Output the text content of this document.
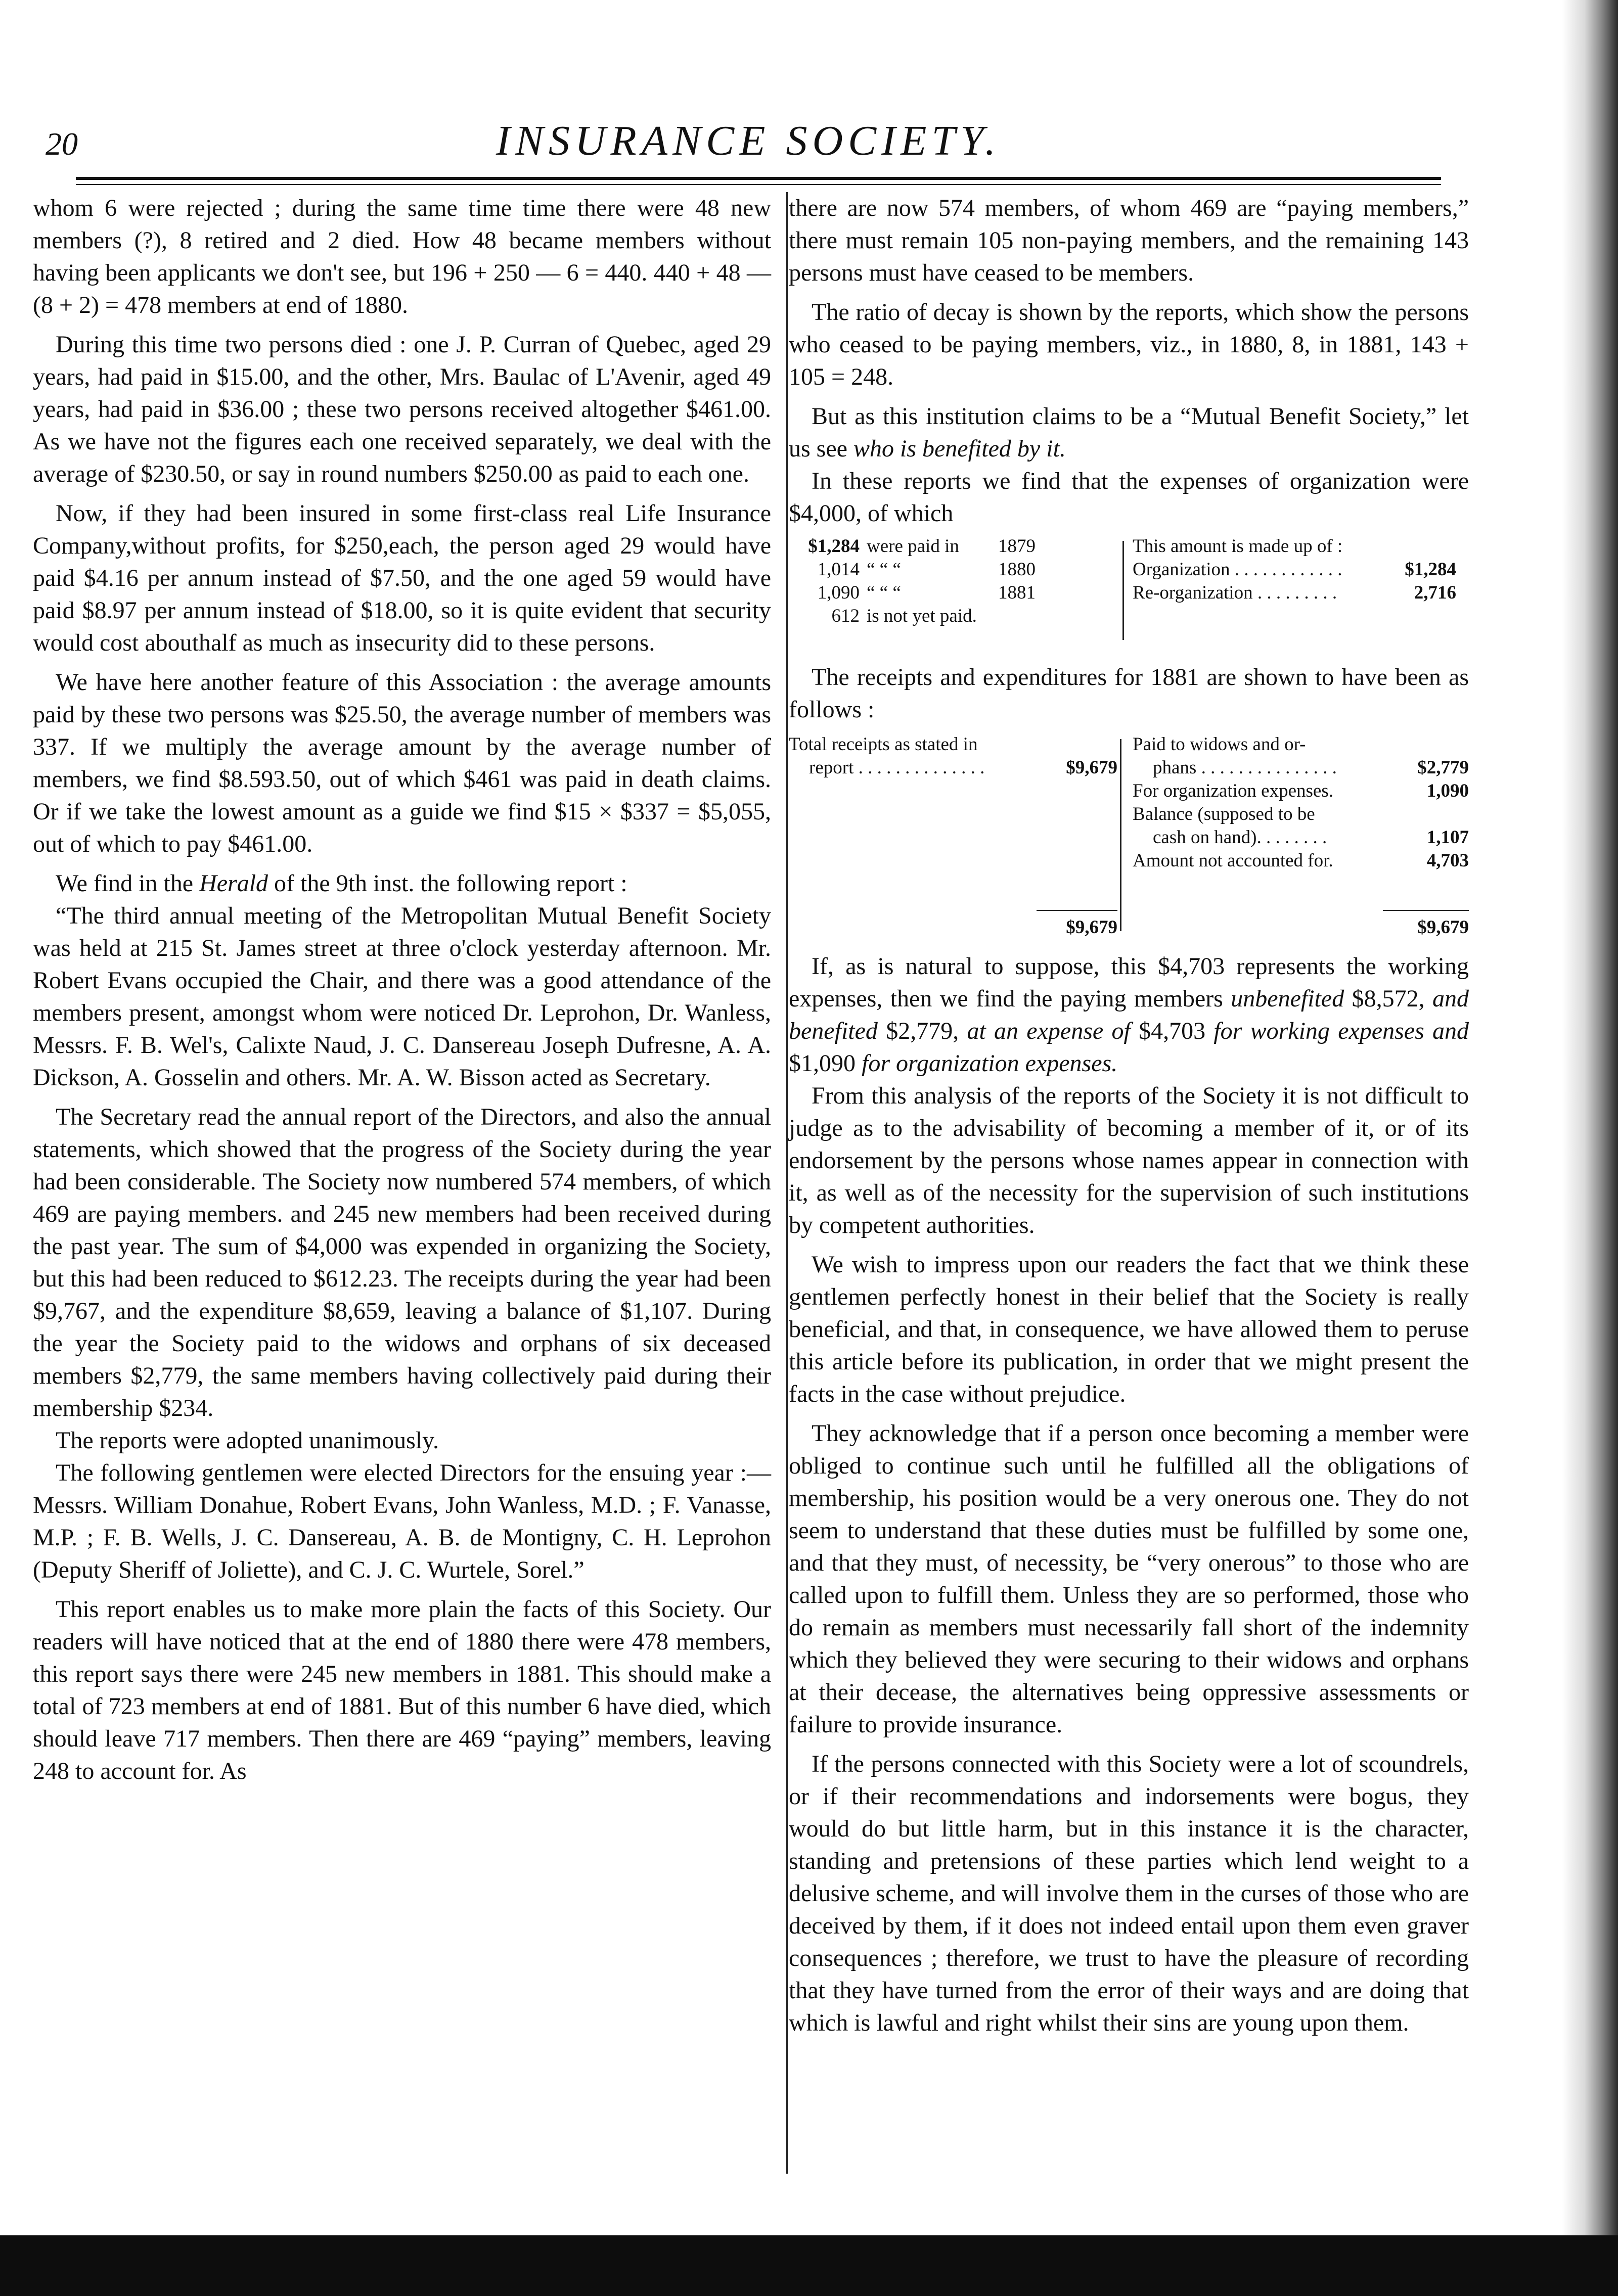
20	INSURANCE SOCIETY.

whom 6 were rejected ; during the same time time there were 48 new members (?), 8 retired and 2 died. How 48 became members without having been applicants we don't see, but 196 + 250 — 6 = 440. 440 + 48 — (8 + 2) = 478 members at end of 1880.

During this time two persons died : one J. P. Curran of Quebec, aged 29 years, had paid in $15.00, and the other, Mrs. Baulac of L'Avenir, aged 49 years, had paid in $36.00 ; these two persons received altogether $461.00. As we have not the figures each one received separately, we deal with the average of $230.50, or say in round numbers $250.00 as paid to each one.

Now, if they had been insured in some first-class real Life Insurance Company,without profits, for $250,each, the person aged 29 would have paid $4.16 per annum instead of $7.50, and the one aged 59 would have paid $8.97 per annum instead of $18.00, so it is quite evident that security would cost abouthalf as much as insecurity did to these persons.

We have here another feature of this Association : the average amounts paid by these two persons was $25.50, the average number of members was 337. If we multiply the average amount by the average number of members, we find $8.593.50, out of which $461 was paid in death claims. Or if we take the lowest amount as a guide we find $15 × $337 = $5,055, out of which to pay $461.00.

We find in the Herald of the 9th inst. the following report :

“The third annual meeting of the Metropolitan Mutual Benefit Society was held at 215 St. James street at three o'clock yesterday afternoon. Mr. Robert Evans occupied the Chair, and there was a good attendance of the members present, amongst whom were noticed Dr. Leprohon, Dr. Wanless, Messrs. F. B. Wel's, Calixte Naud, J. C. Dansereau Joseph Dufresne, A. A. Dickson, A. Gosselin and others. Mr. A. W. Bisson acted as Secretary.

The Secretary read the annual report of the Directors, and also the annual statements, which showed that the progress of the Society during the year had been considerable. The Society now numbered 574 members, of which 469 are paying members. and 245 new members had been received during the past year. The sum of $4,000 was expended in organizing the Society, but this had been reduced to $612.23. The receipts during the year had been $9,767, and the expenditure $8,659, leaving a balance of $1,107. During the year the Society paid to the widows and orphans of six deceased members $2,779, the same members having collectively paid during their membership $234.

The reports were adopted unanimously.

The following gentlemen were elected Directors for the ensuing year :—Messrs. William Donahue, Robert Evans, John Wanless, M.D. ; F. Vanasse, M.P. ; F. B. Wells, J. C. Dansereau, A. B. de Montigny, C. H. Leprohon (Deputy Sheriff of Joliette), and C. J. C. Wurtele, Sorel.”

This report enables us to make more plain the facts of this Society. Our readers will have noticed that at the end of 1880 there were 478 members, this report says there were 245 new members in 1881. This should make a total of 723 members at end of 1881. But of this number 6 have died, which should leave 717 members. Then there are 469 “paying” members, leaving 248 to account for. As

there are now 574 members, of whom 469 are “paying members,” there must remain 105 non-paying members, and the remaining 143 persons must have ceased to be members.

The ratio of decay is shown by the reports, which show the persons who ceased to be paying members, viz., in 1880, 8, in 1881, 143 + 105 = 248.

But as this institution claims to be a “Mutual Benefit Society,” let us see who is benefited by it.

In these reports we find that the expenses of organization were $4,000, of which

$1,284 were paid in	1879
1,014 “ “ “	1880
1,090 “ “ “	1881
612 is not yet paid.
This amount is made up of :
Organization . . . . . . . . . . . .	$1,284
Re-organization . . . . . . . . .	2,716

The receipts and expenditures for 1881 are shown to have been as follows :

Total receipts as stated in
report . . . . . . . . . . . . . .	$9,679
Paid to widows and or-
phans . . . . . . . . . . . . . . .	$2,779
For organization expenses.	1,090
Balance (supposed to be
cash on hand). . . . . . . .	1,107
Amount not accounted for.	4,703
$9,679	$9,679

If, as is natural to suppose, this $4,703 represents the working expenses, then we find the paying members unbenefited $8,572, and benefited $2,779, at an expense of $4,703 for working expenses and $1,090 for organization expenses.

From this analysis of the reports of the Society it is not difficult to judge as to the advisability of becoming a member of it, or of its endorsement by the persons whose names appear in connection with it, as well as of the necessity for the supervision of such institutions by competent authorities.

We wish to impress upon our readers the fact that we think these gentlemen perfectly honest in their belief that the Society is really beneficial, and that, in consequence, we have allowed them to peruse this article before its publication, in order that we might present the facts in the case without prejudice.

They acknowledge that if a person once becoming a member were obliged to continue such until he fulfilled all the obligations of membership, his position would be a very onerous one. They do not seem to understand that these duties must be fulfilled by some one, and that they must, of necessity, be “very onerous” to those who are called upon to fulfill them. Unless they are so performed, those who do remain as members must necessarily fall short of the indemnity which they believed they were securing to their widows and orphans at their decease, the alternatives being oppressive assessments or failure to provide insurance.

If the persons connected with this Society were a lot of scoundrels, or if their recommendations and indorsements were bogus, they would do but little harm, but in this instance it is the character, standing and pretensions of these parties which lend weight to a delusive scheme, and will involve them in the curses of those who are deceived by them, if it does not indeed entail upon them even graver consequences ; therefore, we trust to have the pleasure of recording that they have turned from the error of their ways and are doing that which is lawful and right whilst their sins are young upon them.
